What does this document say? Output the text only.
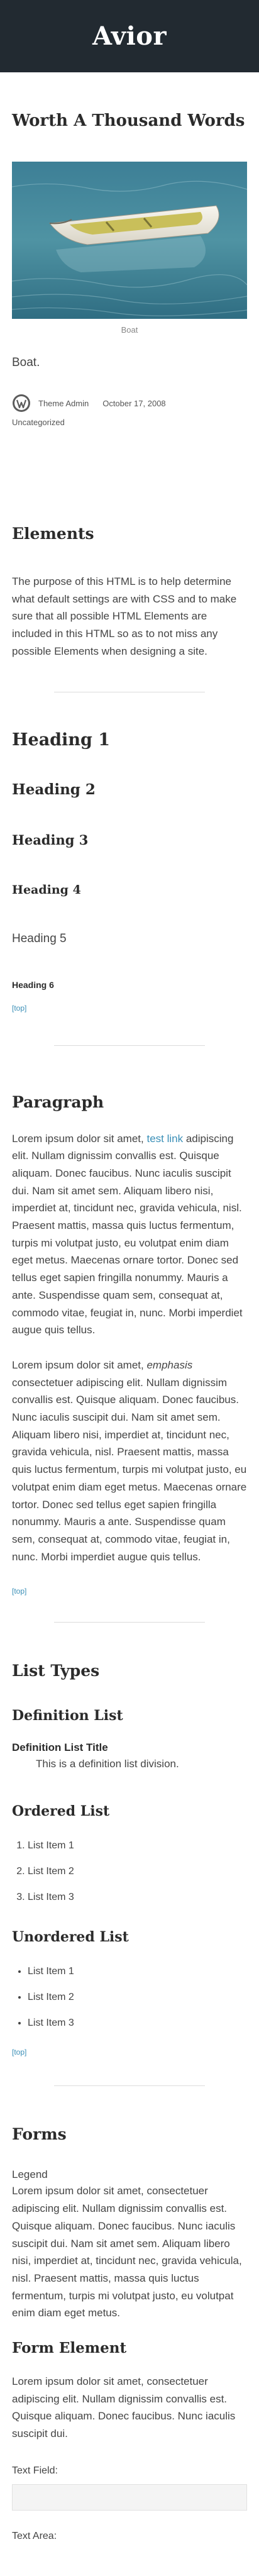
Avior
Worth A Thousand Words

Boat

Boat.

Theme Admin October 17, 2008
Uncategorized
Elements

The purpose of this HTML is to help determine what default settings are with CSS and to make sure that all possible HTML Elements are included in this HTML so as to not miss any possible Elements when designing a site.

Heading 1
Heading 2
Heading 3
Heading 4
Heading 5
Heading 6
[top]
Paragraph

Lorem ipsum dolor sit amet, test link adipiscing elit. Nullam dignissim convallis est. Quisque aliquam. Donec faucibus. Nunc iaculis suscipit dui. Nam sit amet sem. Aliquam libero nisi, imperdiet at, tincidunt nec, gravida vehicula, nisl. Praesent mattis, massa quis luctus fermentum, turpis mi volutpat justo, eu volutpat enim diam eget metus. Maecenas ornare tortor. Donec sed tellus eget sapien fringilla nonummy. Mauris a ante. Suspendisse quam sem, consequat at, commodo vitae, feugiat in, nunc. Morbi imperdiet augue quis tellus.

Lorem ipsum dolor sit amet, emphasis consectetuer adipiscing elit. Nullam dignissim convallis est. Quisque aliquam. Donec faucibus. Nunc iaculis suscipit dui. Nam sit amet sem. Aliquam libero nisi, imperdiet at, tincidunt nec, gravida vehicula, nisl. Praesent mattis, massa quis luctus fermentum, turpis mi volutpat justo, eu volutpat enim diam eget metus. Maecenas ornare tortor. Donec sed tellus eget sapien fringilla nonummy. Mauris a ante. Suspendisse quam sem, consequat at, commodo vitae, feugiat in, nunc. Morbi imperdiet augue quis tellus.

[top]
List Types
Definition List
Definition List Title
This is a definition list division.
Ordered List
1. List Item 1
2. List Item 2
3. List Item 3
Unordered List
• List Item 1
• List Item 2
• List Item 3
[top]
Forms
Legend

Lorem ipsum dolor sit amet, consectetuer adipiscing elit. Nullam dignissim convallis est. Quisque aliquam. Donec faucibus. Nunc iaculis suscipit dui. Nam sit amet sem. Aliquam libero nisi, imperdiet at, tincidunt nec, gravida vehicula, nisl. Praesent mattis, massa quis luctus fermentum, turpis mi volutpat justo, eu volutpat enim diam eget metus.

Form Element

Lorem ipsum dolor sit amet, consectetuer adipiscing elit. Nullam dignissim convallis est. Quisque aliquam. Donec faucibus. Nunc iaculis suscipit dui.

Text Field:
Text Area:
